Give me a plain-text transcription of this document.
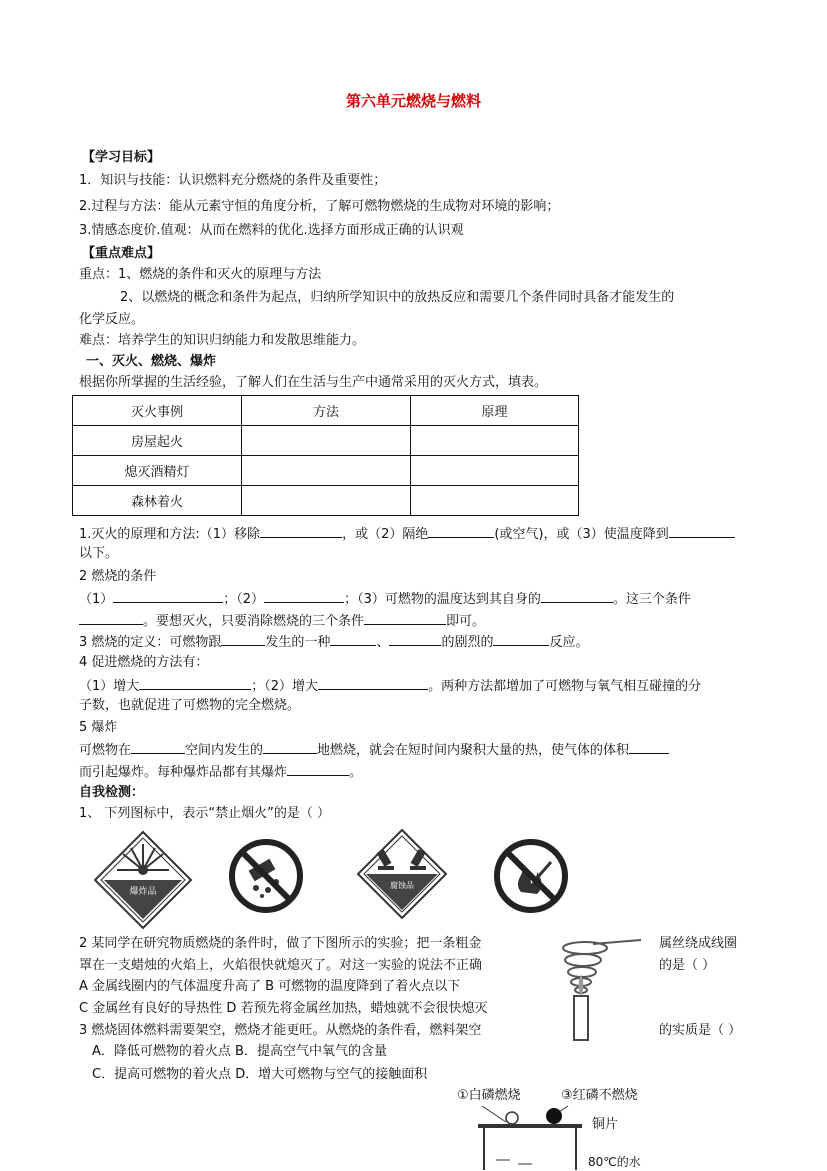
第六单元燃烧与燃料
【学习目标】
1．知识与技能：认识燃料充分燃烧的条件及重要性；
2.过程与方法：能从元素守恒的角度分析，了解可燃物燃烧的生成物对环境的影响；
3.情感态度价.值观：从而在燃料的优化.选择方面形成正确的认识观
【重点难点】
重点：1、燃烧的条件和灭火的原理与方法
2、以燃烧的概念和条件为起点，归纳所学知识中的放热反应和需要几个条件同时具备才能发生的
化学反应。
难点：培养学生的知识归纳能力和发散思维能力。
一、灭火、燃烧、爆炸
根据你所掌握的生活经验，了解人们在生活与生产中通常采用的灭火方式，填表。
灭火事例	方法	原理
房屋起火		
熄灭酒精灯		
森林着火		
1.灭火的原理和方法:（1）移除	，或（2）隔绝	(或空气)，或（3）使温度降到
以下。
2 燃烧的条件
（1）	；（2）	；（3）可燃物的温度达到其自身的	。这三个条件
。要想灭火，只要消除燃烧的三个条件	即可。
3 燃烧的定义：可燃物跟	发生的一种	、	的剧烈的	反应。
4 促进燃烧的方法有：
（1）增大	；（2）增大	。两种方法都增加了可燃物与氧气相互碰撞的分
子数，也就促进了可燃物的完全燃烧。
5 爆炸
可燃物在	空间内发生的	地燃烧，就会在短时间内聚积大量的热，使气体的体积
而引起爆炸。每种爆炸品都有其爆炸	。
自我检测：
1、 下列图标中，表示“禁止烟火”的是（ ）
爆炸品
腐蚀品
2 某同学在研究物质燃烧的条件时，做了下图所示的实验；把一条粗金	属丝绕成线圈
罩在一支蜡烛的火焰上，火焰很快就熄灭了。对这一实验的说法不正确	的是（ ）
A 金属线圈内的气体温度升高了 B 可燃物的温度降到了着火点以下
C 金属丝有良好的导热性 D 若预先将金属丝加热，蜡烛就不会很快熄灭
3 燃烧固体燃料需要架空，燃烧才能更旺。从燃烧的条件看，燃料架空	的实质是（ ）
A．降低可燃物的着火点 B．提高空气中氧气的含量
C．提高可燃物的着火点 D．增大可燃物与空气的接触面积
①白磷燃烧	③红磷不燃烧
铜片
80℃的水
